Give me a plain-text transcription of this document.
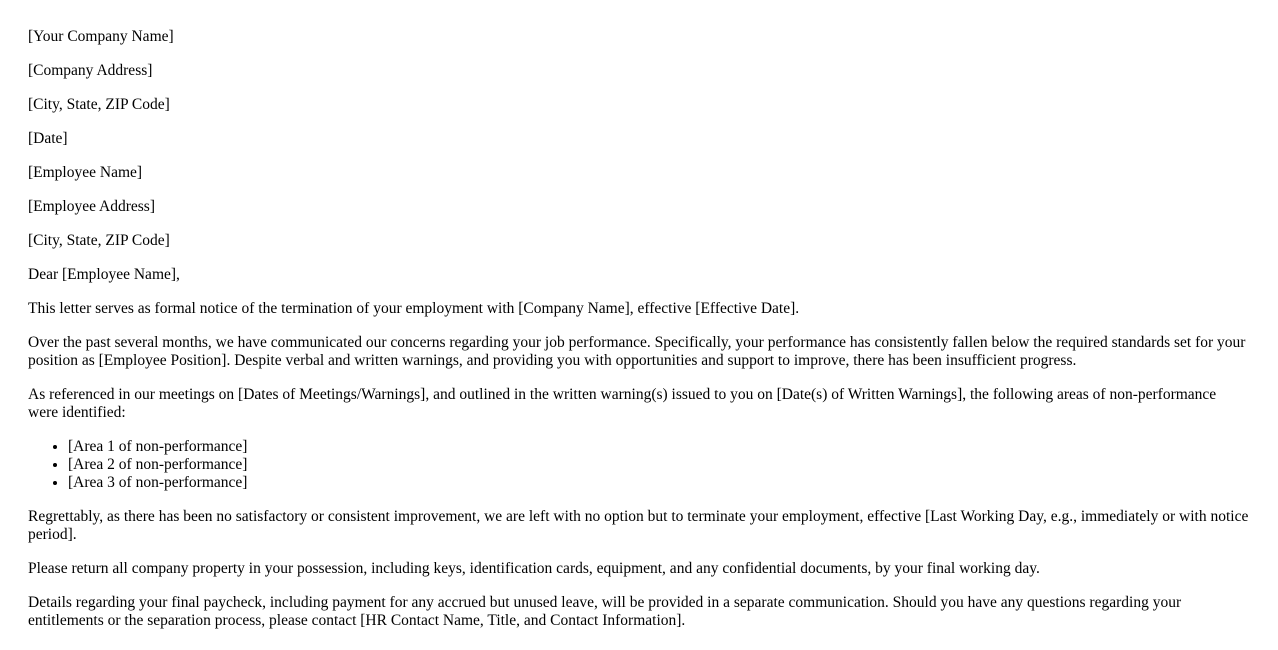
[Your Company Name]

[Company Address]

[City, State, ZIP Code]

[Date]

[Employee Name]

[Employee Address]

[City, State, ZIP Code]

Dear [Employee Name],

This letter serves as formal notice of the termination of your employment with [Company Name], effective [Effective Date].

Over the past several months, we have communicated our concerns regarding your job performance. Specifically, your performance has consistently fallen below the required standards set for your position as [Employee Position]. Despite verbal and written warnings, and providing you with opportunities and support to improve, there has been insufficient progress.

As referenced in our meetings on [Dates of Meetings/Warnings], and outlined in the written warning(s) issued to you on [Date(s) of Written Warnings], the following areas of non-performance were identified:

• [Area 1 of non-performance]
• [Area 2 of non-performance]
• [Area 3 of non-performance]

Regrettably, as there has been no satisfactory or consistent improvement, we are left with no option but to terminate your employment, effective [Last Working Day, e.g., immediately or with notice period].

Please return all company property in your possession, including keys, identification cards, equipment, and any confidential documents, by your final working day.

Details regarding your final paycheck, including payment for any accrued but unused leave, will be provided in a separate communication. Should you have any questions regarding your entitlements or the separation process, please contact [HR Contact Name, Title, and Contact Information].
